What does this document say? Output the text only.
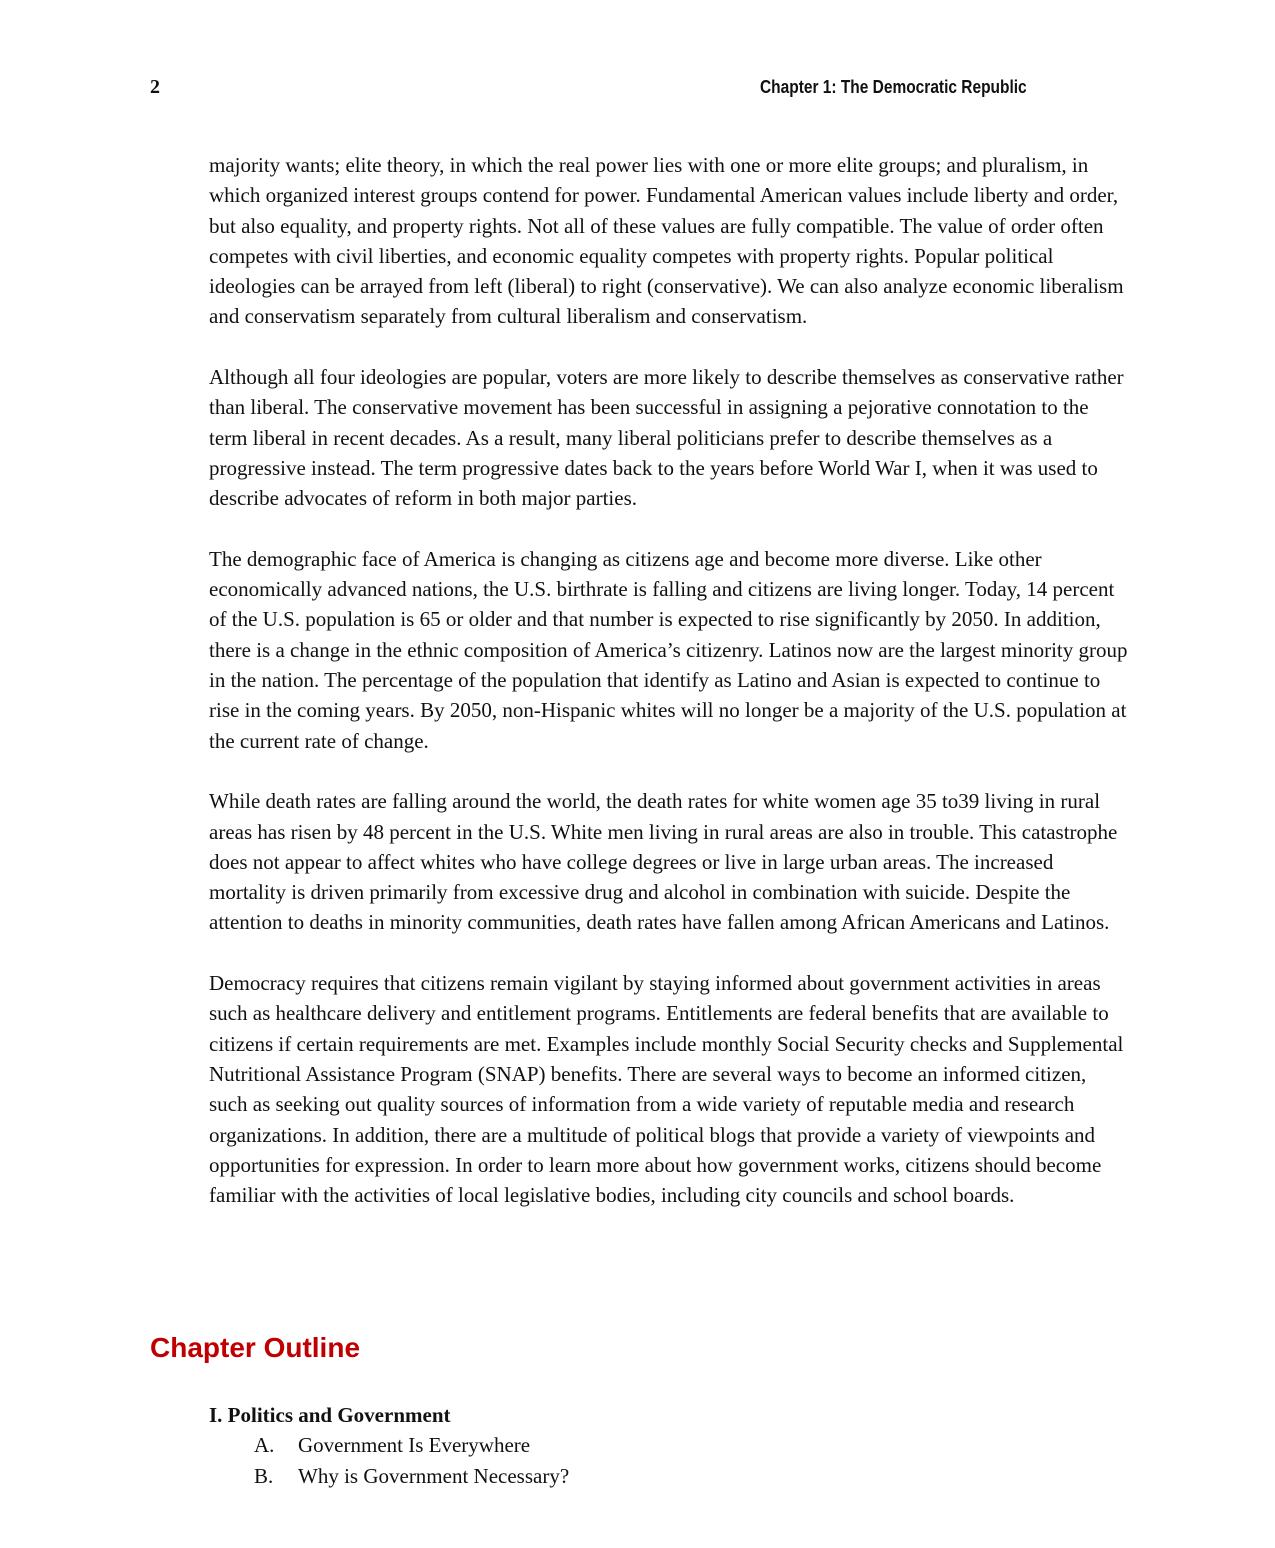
2	Chapter 1: The Democratic Republic

majority wants; elite theory, in which the real power lies with one or more elite groups; and pluralism, in which organized interest groups contend for power. Fundamental American values include liberty and order, but also equality, and property rights. Not all of these values are fully compatible. The value of order often competes with civil liberties, and economic equality competes with property rights. Popular political ideologies can be arrayed from left (liberal) to right (conservative). We can also analyze economic liberalism and conservatism separately from cultural liberalism and conservatism.

Although all four ideologies are popular, voters are more likely to describe themselves as conservative rather than liberal. The conservative movement has been successful in assigning a pejorative connotation to the term liberal in recent decades. As a result, many liberal politicians prefer to describe themselves as a progressive instead. The term progressive dates back to the years before World War I, when it was used to describe advocates of reform in both major parties.

The demographic face of America is changing as citizens age and become more diverse. Like other economically advanced nations, the U.S. birthrate is falling and citizens are living longer. Today, 14 percent of the U.S. population is 65 or older and that number is expected to rise significantly by 2050. In addition, there is a change in the ethnic composition of America’s citizenry. Latinos now are the largest minority group in the nation. The percentage of the population that identify as Latino and Asian is expected to continue to rise in the coming years. By 2050, non-Hispanic whites will no longer be a majority of the U.S. population at the current rate of change.

While death rates are falling around the world, the death rates for white women age 35 to39 living in rural areas has risen by 48 percent in the U.S. White men living in rural areas are also in trouble. This catastrophe does not appear to affect whites who have college degrees or live in large urban areas. The increased mortality is driven primarily from excessive drug and alcohol in combination with suicide. Despite the attention to deaths in minority communities, death rates have fallen among African Americans and Latinos.

Democracy requires that citizens remain vigilant by staying informed about government activities in areas such as healthcare delivery and entitlement programs. Entitlements are federal benefits that are available to citizens if certain requirements are met. Examples include monthly Social Security checks and Supplemental Nutritional Assistance Program (SNAP) benefits. There are several ways to become an informed citizen, such as seeking out quality sources of information from a wide variety of reputable media and research organizations. In addition, there are a multitude of political blogs that provide a variety of viewpoints and opportunities for expression. In order to learn more about how government works, citizens should become familiar with the activities of local legislative bodies, including city councils and school boards.

Chapter Outline

I. Politics and Government

A. Government Is Everywhere
B. Why is Government Necessary?
